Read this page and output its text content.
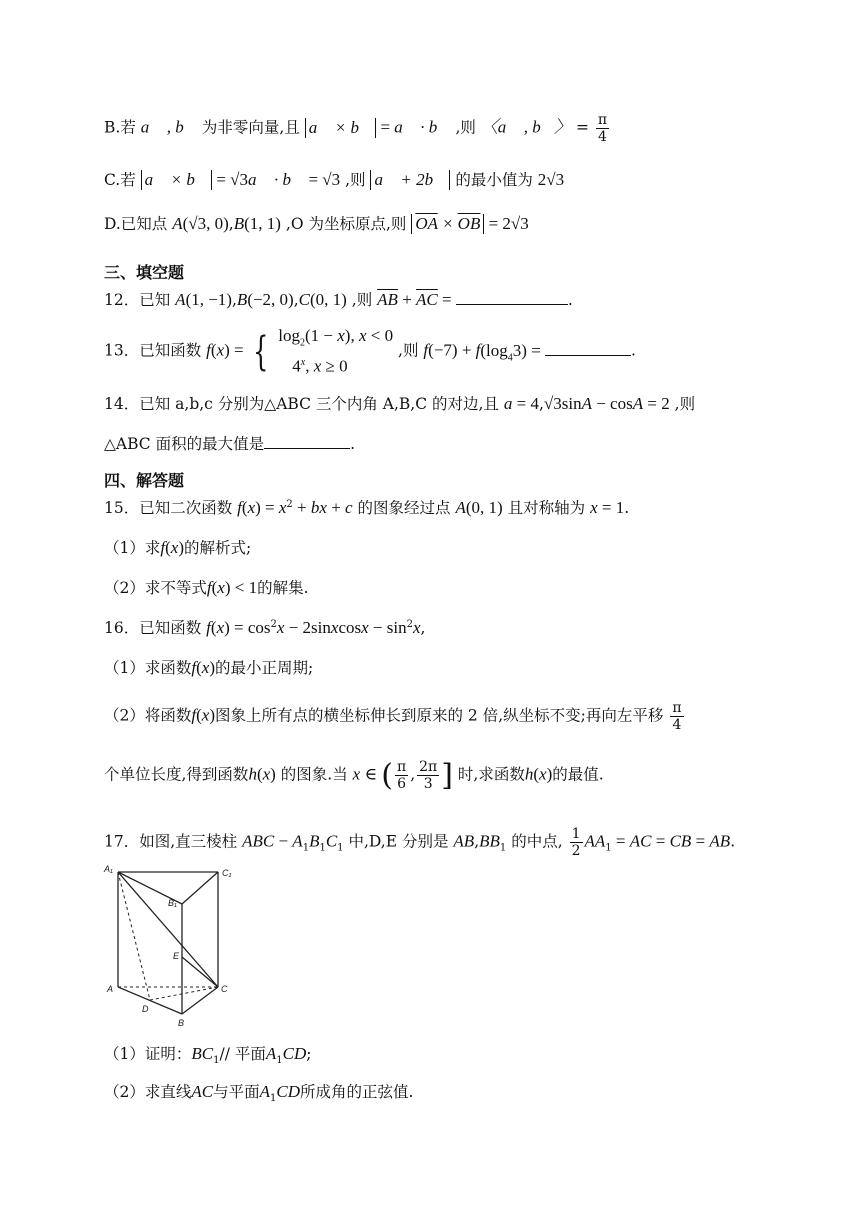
B.若 a⃗ , b⃗ 为非零向量,且 a⃗ × b⃗ = a⃗ · b⃗ ,则 〈a⃗ , b⃗〉 = $\frac{\pi}{4}$
C.若 a⃗ × b⃗ = √3a⃗ · b⃗ = √3 ,则 a⃗ + 2b⃗ 的最小值为 2√3
D.已知点 A(√3, 0),B(1, 1) ,O 为坐标原点,则 $\overline{OA} \times \overline{OB} = 2√3$
三、填空题
12．已知 A(1, −1),B(−2, 0),C(0, 1) ,则 $\overline{AB} + \overline{AC}$ =	.
13．已知函数 f(x) = { $\log_2(1 - x)$, x < 0
4$^x$, x ≥ 0
,则 $f(-7) + f(\log_43)$ =	.
14．已知 a,b,c 分别为△ABC 三个内角 A,B,C 的对边,且 a = 4,√3sinA − cosA = 2 ,则
△ABC 面积的最大值是	.
四、解答题
15．已知二次函数 $f(x) = x^2$ + bx + c 的图象经过点 A(0, 1) 且对称轴为 x = 1.
（1）求f(x)的解析式;
（2）求不等式f(x) < 1的解集.
16．已知函数 $f(x) = \cos^2x$ − 2sinxcosx − $\sin^2x$,
（1）求函数f(x)的最小正周期;
（2）将函数f(x)图象上所有点的横坐标伸长到原来的 2 倍,纵坐标不变;再向左平移 $\frac{\pi}{4}$
个单位长度,得到函数h(x) 的图象.当 x ∈ ( $\frac{\pi}{6}$ , $\frac{2\pi}{3}$ ] 时,求函数h(x)的最值.
17．如图,直三棱柱 ABC − $A_1B_1C_1$ 中,D,E 分别是 $AB,BB_1$ 的中点, $\frac{1}{2} AA_1$ = AC = CB = AB.
A₁	C₁
B₁
E
A	C
D
B
（1）证明：$BC_1//$ 平面$A_1CD$;
（2）求直线AC与平面$A_1CD$所成角的正弦值.
